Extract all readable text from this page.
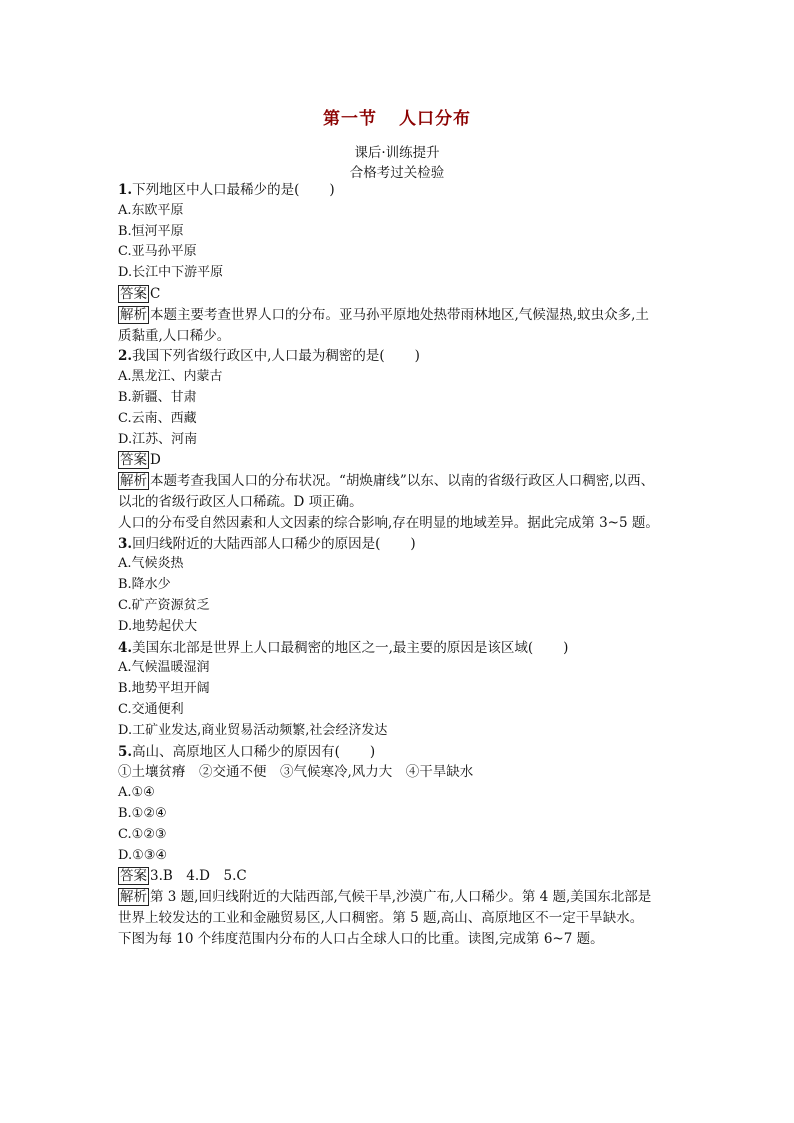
第一节 人口分布
课后·训练提升
合格考过关检验
1.下列地区中人口最稀少的是( )
A.东欧平原
B.恒河平原
C.亚马孙平原
D.长江中下游平原
答案 C
解析 本题主要考查世界人口的分布。亚马孙平原地处热带雨林地区,气候湿热,蚊虫众多,土
质黏重,人口稀少。
2.我国下列省级行政区中,人口最为稠密的是( )
A.黑龙江、内蒙古
B.新疆、甘肃
C.云南、西藏
D.江苏、河南
答案 D
解析 本题考查我国人口的分布状况。“胡焕庸线”以东、以南的省级行政区人口稠密,以西、
以北的省级行政区人口稀疏。D 项正确。
人口的分布受自然因素和人文因素的综合影响,存在明显的地域差异。据此完成第 3~5 题。
3.回归线附近的大陆西部人口稀少的原因是( )
A.气候炎热
B.降水少
C.矿产资源贫乏
D.地势起伏大
4.美国东北部是世界上人口最稠密的地区之一,最主要的原因是该区域( )
A.气候温暖湿润
B.地势平坦开阔
C.交通便利
D.工矿业发达,商业贸易活动频繁,社会经济发达
5.高山、高原地区人口稀少的原因有( )
①土壤贫瘠　②交通不便　③气候寒冷,风力大　④干旱缺水
A.①④
B.①②④
C.①②③
D.①③④
答案 3.B　4.D　5.C
解析 第 3 题,回归线附近的大陆西部,气候干旱,沙漠广布,人口稀少。第 4 题,美国东北部是
世界上较发达的工业和金融贸易区,人口稠密。第 5 题,高山、高原地区不一定干旱缺水。
下图为每 10 个纬度范围内分布的人口占全球人口的比重。读图,完成第 6~7 题。
